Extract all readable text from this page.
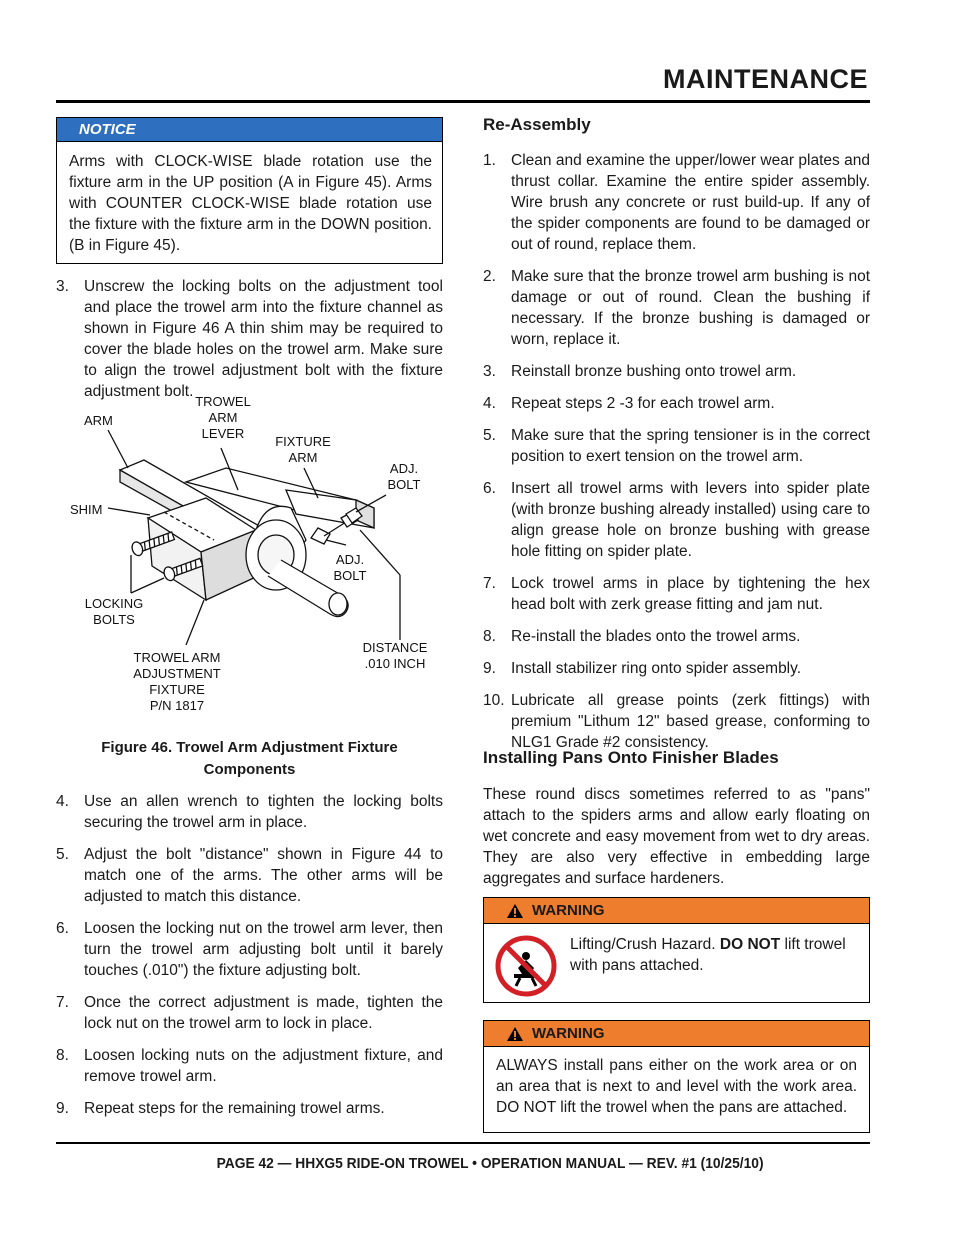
MAINTENANCE
NOTICE
Arms with CLOCK-WISE blade rotation use the fixture arm in the UP position (A in Figure 45). Arms with COUNTER CLOCK-WISE blade rotation use the fixture with the fixture arm in the DOWN position. (B in Figure 45).
3. Unscrew the locking bolts on the adjustment tool and place the trowel arm into the fixture channel as shown in Figure 46 A thin shim may be required to cover the blade holes on the trowel arm. Make sure to align the trowel adjustment bolt with the fixture adjustment bolt.
ARM
TROWEL
ARM
LEVER
FIXTURE
ARM
ADJ.
BOLT
SHIM
ADJ.
BOLT
LOCKING
BOLTS
DISTANCE
.010 INCH
TROWEL ARM
ADJUSTMENT
FIXTURE
P/N 1817
Figure 46. Trowel Arm Adjustment Fixture
Components
4. Use an allen wrench to tighten the locking bolts securing the trowel arm in place.
5. Adjust the bolt "distance" shown in Figure 44 to match one of the arms. The other arms will be adjusted to match this distance.
6. Loosen the locking nut on the trowel arm lever, then turn the trowel arm adjusting bolt until it barely touches (.010") the fixture adjusting bolt.
7. Once the correct adjustment is made, tighten the lock nut on the trowel arm to lock in place.
8. Loosen locking nuts on the adjustment fixture, and remove trowel arm.
9. Repeat steps for the remaining trowel arms.
Re-Assembly
1. Clean and examine the upper/lower wear plates and thrust collar. Examine the entire spider assembly. Wire brush any concrete or rust build-up. If any of the spider components are found to be damaged or out of round, replace them.
2. Make sure that the bronze trowel arm bushing is not damage or out of round. Clean the bushing if necessary. If the bronze bushing is damaged or worn, replace it.
3. Reinstall bronze bushing onto trowel arm.
4. Repeat steps 2 -3 for each trowel arm.
5. Make sure that the spring tensioner is in the correct position to exert tension on the trowel arm.
6. Insert all trowel arms with levers into spider plate (with bronze bushing already installed) using care to align grease hole on bronze bushing with grease hole fitting on spider plate.
7. Lock trowel arms in place by tightening the hex head bolt with zerk grease fitting and jam nut.
8. Re-install the blades onto the trowel arms.
9. Install stabilizer ring onto spider assembly.
10. Lubricate all grease points (zerk fittings) with premium "Lithum 12" based grease, conforming to NLG1 Grade #2 consistency.
Installing Pans Onto Finisher Blades
These round discs sometimes referred to as "pans" attach to the spiders arms and allow early floating on wet concrete and easy movement from wet to dry areas. They are also very effective in embedding large aggregates and surface hardeners.
WARNING
Lifting/Crush Hazard. DO NOT lift trowel with pans attached.
WARNING
ALWAYS install pans either on the work area or on an area that is next to and level with the work area. DO NOT lift the trowel when the pans are attached.
PAGE 42 — HHXG5 RIDE-ON TROWEL • OPERATION MANUAL — REV. #1 (10/25/10)
